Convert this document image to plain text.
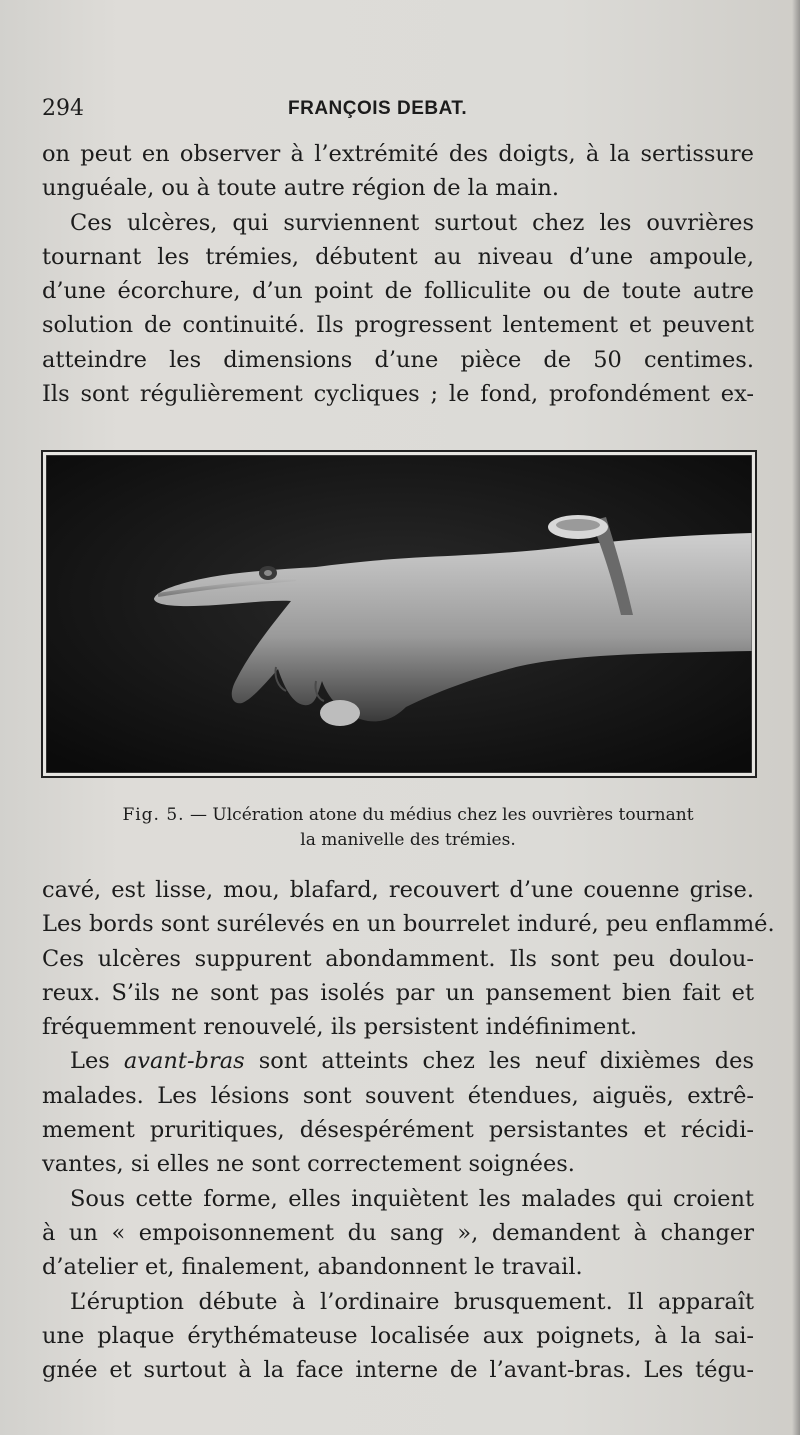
294	FRANÇOIS DEBAT.
on peut en observer à l’extrémité des doigts, à la sertissure
unguéale, ou à toute autre région de la main.
Ces ulcères, qui surviennent surtout chez les ouvrières
tournant les trémies, débutent au niveau d’une ampoule,
d’une écorchure, d’un point de folliculite ou de toute autre
solution de continuité. Ils progressent lentement et peuvent
atteindre les dimensions d’une pièce de 50 centimes.
Ils sont régulièrement cycliques ; le fond, profondément ex-
Fig. 5. — Ulcération atone du médius chez les ouvrières tournant
la manivelle des trémies.
cavé, est lisse, mou, blafard, recouvert d’une couenne grise.
Les bords sont surélevés en un bourrelet induré, peu enflammé.
Ces ulcères suppurent abondamment. Ils sont peu doulou-
reux. S’ils ne sont pas isolés par un pansement bien fait et
fréquemment renouvelé, ils persistent indéfiniment.
Les avant-bras sont atteints chez les neuf dixièmes des
malades. Les lésions sont souvent étendues, aiguës, extrê-
mement pruritiques, désespérément persistantes et récidi-
vantes, si elles ne sont correctement soignées.
Sous cette forme, elles inquiètent les malades qui croient
à un « empoisonnement du sang », demandent à changer
d’atelier et, finalement, abandonnent le travail.
L’éruption débute à l’ordinaire brusquement. Il apparaît
une plaque érythémateuse localisée aux poignets, à la sai-
gnée et surtout à la face interne de l’avant-bras. Les tégu-
